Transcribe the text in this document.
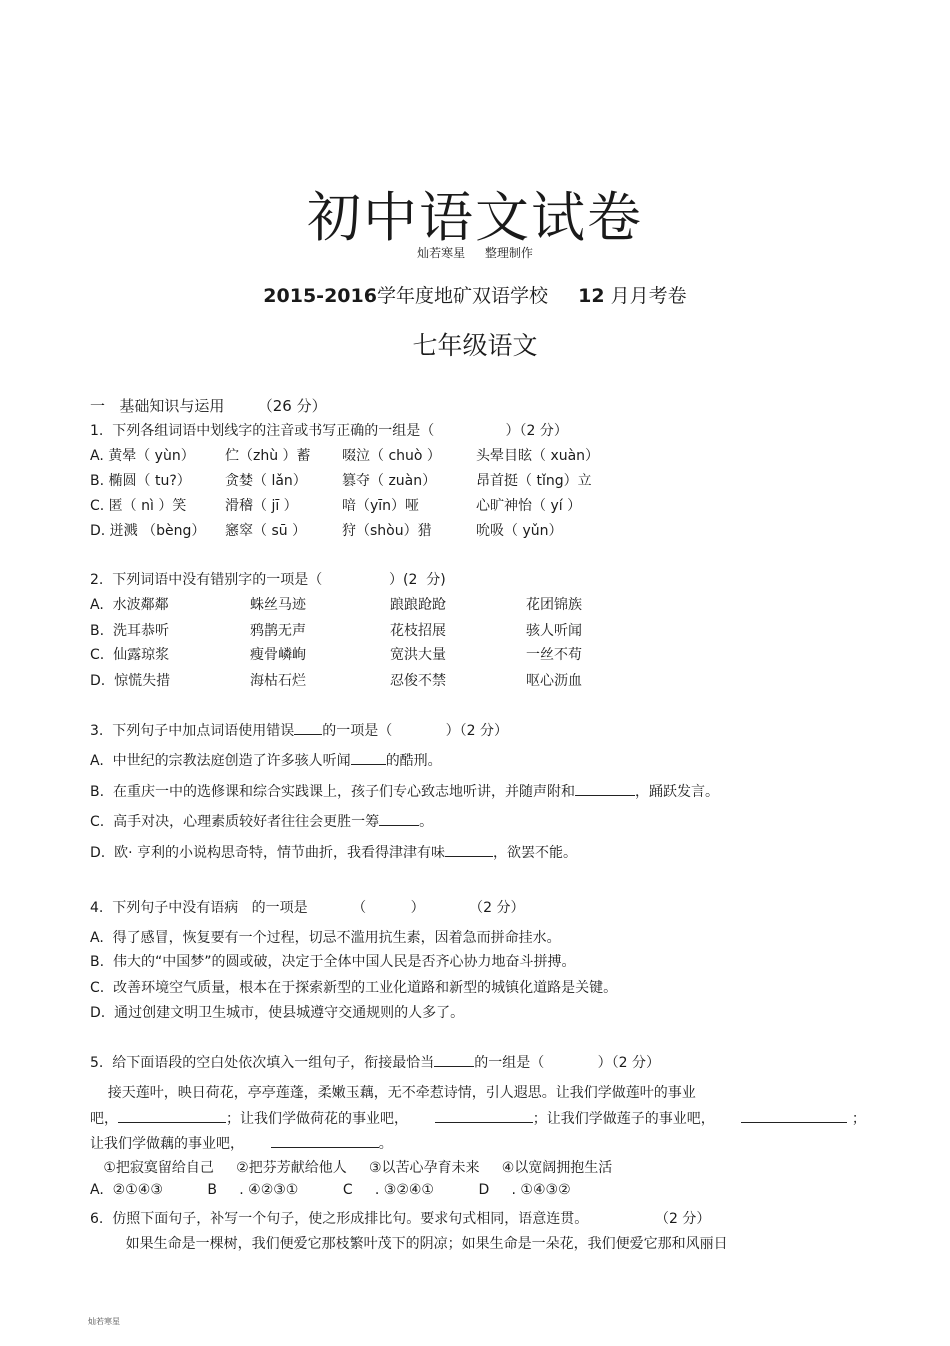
初中语文试卷
灿若寒星 整理制作
2015-2016学年度地矿双语学校 12 月月考卷
七年级语文
一 基础知识与运用 （26 分）
1.  下列各组词语中划线字的注音或书写正确的一组是（                ）（2 分）
A. 黄晕（ yùn） 伫（zhù ）蓄 啜泣（ chuò ）	头晕目眩（ xuàn）
B. 椭圆（ tu?） 贪婪（ lǎn）	篡夺（ zuàn）	昂首挺（ tǐng）立
C. 匿（ nì ）笑	滑稽（ jī ）	喑（yīn）哑	心旷神怡（ yí ）
D. 迸溅 （bèng） 窸窣（ sū ）	狩（shòu）猎	吮吸（ yǔn）
2.  下列词语中没有错别字的一项是（               ）(2  分)
A.  水波鄰鄰	蛛丝马迹	踉踉跄跄	花团锦族
B.  洗耳恭听	鸦鹊无声	花枝招展	骇人听闻
C.  仙露琼浆	瘦骨嶙峋	宽洪大量	一丝不苟
D.  惊慌失措	海枯石烂	忍俊不禁	呕心沥血
3.  下列句子中加点词语使用错误 的一项是（            ）（2 分）
A.  中世纪的宗教法庭创造了许多骇人听闻	的酷刑。
B.  在重庆一中的选修课和综合实践课上，孩子们专心致志地听讲，并随声附和	，踊跃发言。
C.  高手对决，心理素质较好者往往会更胜一筹	。
D.  欧· 亨利的小说构思奇特，情节曲折，我看得津津有味	，欲罢不能。
4.  下列句子中没有语病   的一项是          （          ）          （2 分）
A.  得了感冒，恢复要有一个过程，切忌不滥用抗生素，因着急而拼命挂水。
B.  伟大的“中国梦”的圆或破，决定于全体中国人民是否齐心协力地奋斗拼搏。
C.  改善环境空气质量，根本在于探索新型的工业化道路和新型的城镇化道路是关键。
D.  通过创建文明卫生城市，使县城遵守交通规则的人多了。
5.  给下面语段的空白处依次填入一组句子，衔接最恰当	的一组是（            ）（2 分）
接天莲叶，映日荷花，亭亭莲蓬，柔嫩玉藕，无不牵惹诗情，引人遐思。让我们学做莲叶的事业
吧，	；让我们学做荷花的事业吧，	；让我们学做莲子的事业吧，	；
让我们学做藕的事业吧，	。
①把寂寞留给自己     ②把芬芳献给他人     ③以苦心孕育未来     ④以宽阔拥抱生活
A.  ②①④③          B     . ④②③①          C     . ③②④①          D     . ①④③②
6.  仿照下面句子，补写一个句子，使之形成排比句。要求句式相同，语意连贯。               （2 分）
如果生命是一棵树，我们便爱它那枝繁叶茂下的阴凉；如果生命是一朵花，我们便爱它那和风丽日
灿若寒星
